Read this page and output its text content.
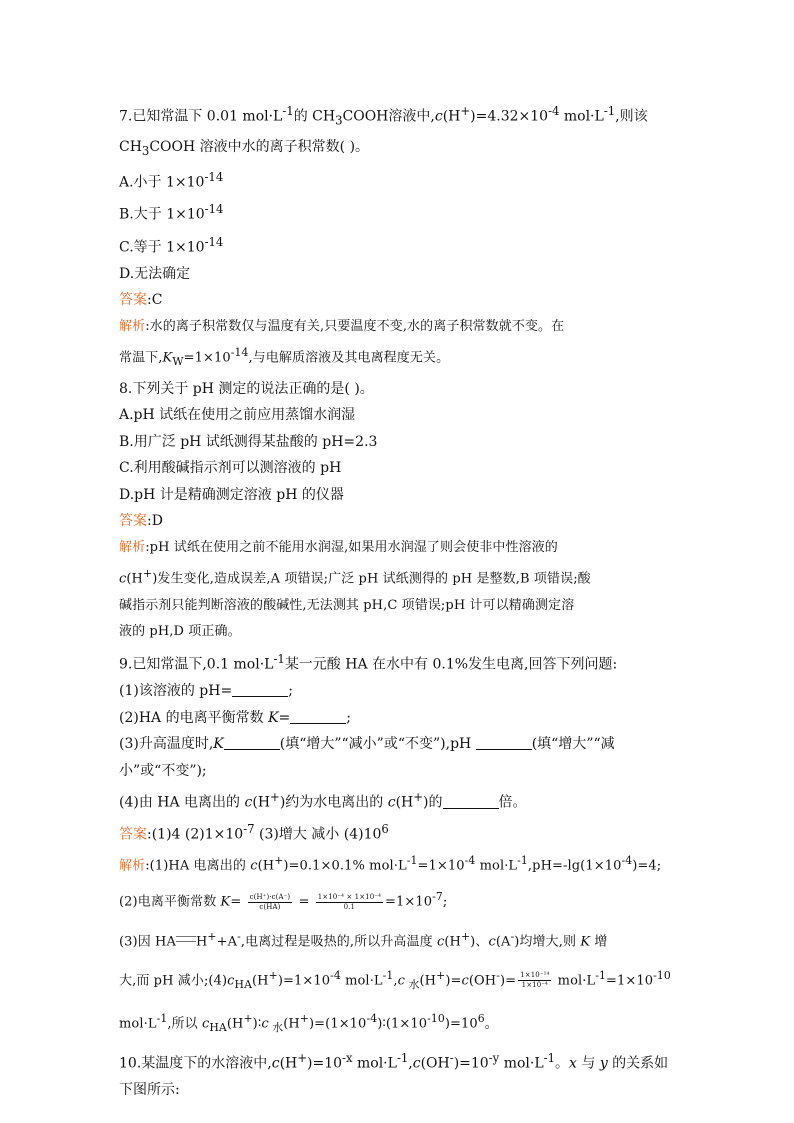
7.已知常温下 0.01 $mol\cdot L^{-1}$的 $CH_3COOH$溶液中$,c(H^+)=4.32\times 10^{-4}$ $mol\cdot L^{-1}$,则该
$CH_3COOH$ 溶液中水的离子积常数( )。
A.小于 $1\times 10^{-14}$
B.大于 $1\times 10^{-14}$
C.等于 $1\times 10^{-14}$
D.无法确定
答案:C
解析:水的离子积常数仅与温度有关,只要温度不变,水的离子积常数就不变。在
常温下$,K_W=1\times 10^{-14}$,与电解质溶液及其电离程度无关。
8.下列关于 pH 测定的说法正确的是( )。
A.pH 试纸在使用之前应用蒸馏水润湿
B.用广泛 pH 试纸测得某盐酸的 pH=2.3
C.利用酸碱指示剂可以测溶液的 pH
D.pH 计是精确测定溶液 pH 的仪器
答案:D
解析:pH 试纸在使用之前不能用水润湿,如果用水润湿了则会使非中性溶液的
c(H+)发生变化,造成误差,A 项错误;广泛 pH 试纸测得的 pH 是整数,B 项错误;酸
碱指示剂只能判断溶液的酸碱性,无法测其 pH,C 项错误;pH 计可以精确测定溶
液的 pH,D 项正确。
9.已知常温下,0.1 $mol\cdot L^{-1}$某一元酸 HA 在水中有 0.1%发生电离,回答下列问题:
(1)该溶液的 pH=	;
(2)HA 的电离平衡常数 K=	;
(3)升高温度时,K	(填“增大”“减小”或“不变”),pH	(填“增大”“减
小”或“不变”);
(4)由 HA 电离出的 c(H+)约为水电离出的 c(H+)的	倍。
答案:(1)4 $(2)1\times 10^{-7}$ (3)增大 减小 $(4)10^6$
解析:(1)HA 电离出的 c(H+)=0.1×0.1% $mol\cdot L^{-1}=1\times 10^{-4}$ $mol\cdot L^{-1},pH=-\lg(1\times 10^{-4})=4$;
(2)电离平衡常数 $K= \frac{c(H^+)\cdot c(A^-)}{c(HA)} = \frac{\text{1×10⁻⁴ × 1×10⁻⁴}}{0.1} =1\times 10^{-7}$;
(3)因 HA H++A-,电离过程是吸热的,所以升高温度 c(H+)、c(A-)均增大,则 K 增
大,而 pH 减小$;(4)c_{HA}(H^+)=1\times 10^{-4}$ $mol\cdot L^{-1},c$ $_水(H^+)=c(OH^-)= \frac{\text{1×10⁻¹⁴}}{\text{1×10⁻⁴}} mol\cdot L^{-1}=1\times 10^{-10}$
$mol\cdot L^{-1}$,所以 $c_{HA}(H^+)∶c$ $_水(H^+)=(1\times 10^{-4})∶(1\times 10^{-10})=10^6$。
10.某温度下的水溶液中$,c(H^+)=10^{-x}$ $mol\cdot L^{-1},c(OH^-)=10^{-y}$ $mol\cdot L^{-1}$。x 与 y 的关系如
下图所示:
